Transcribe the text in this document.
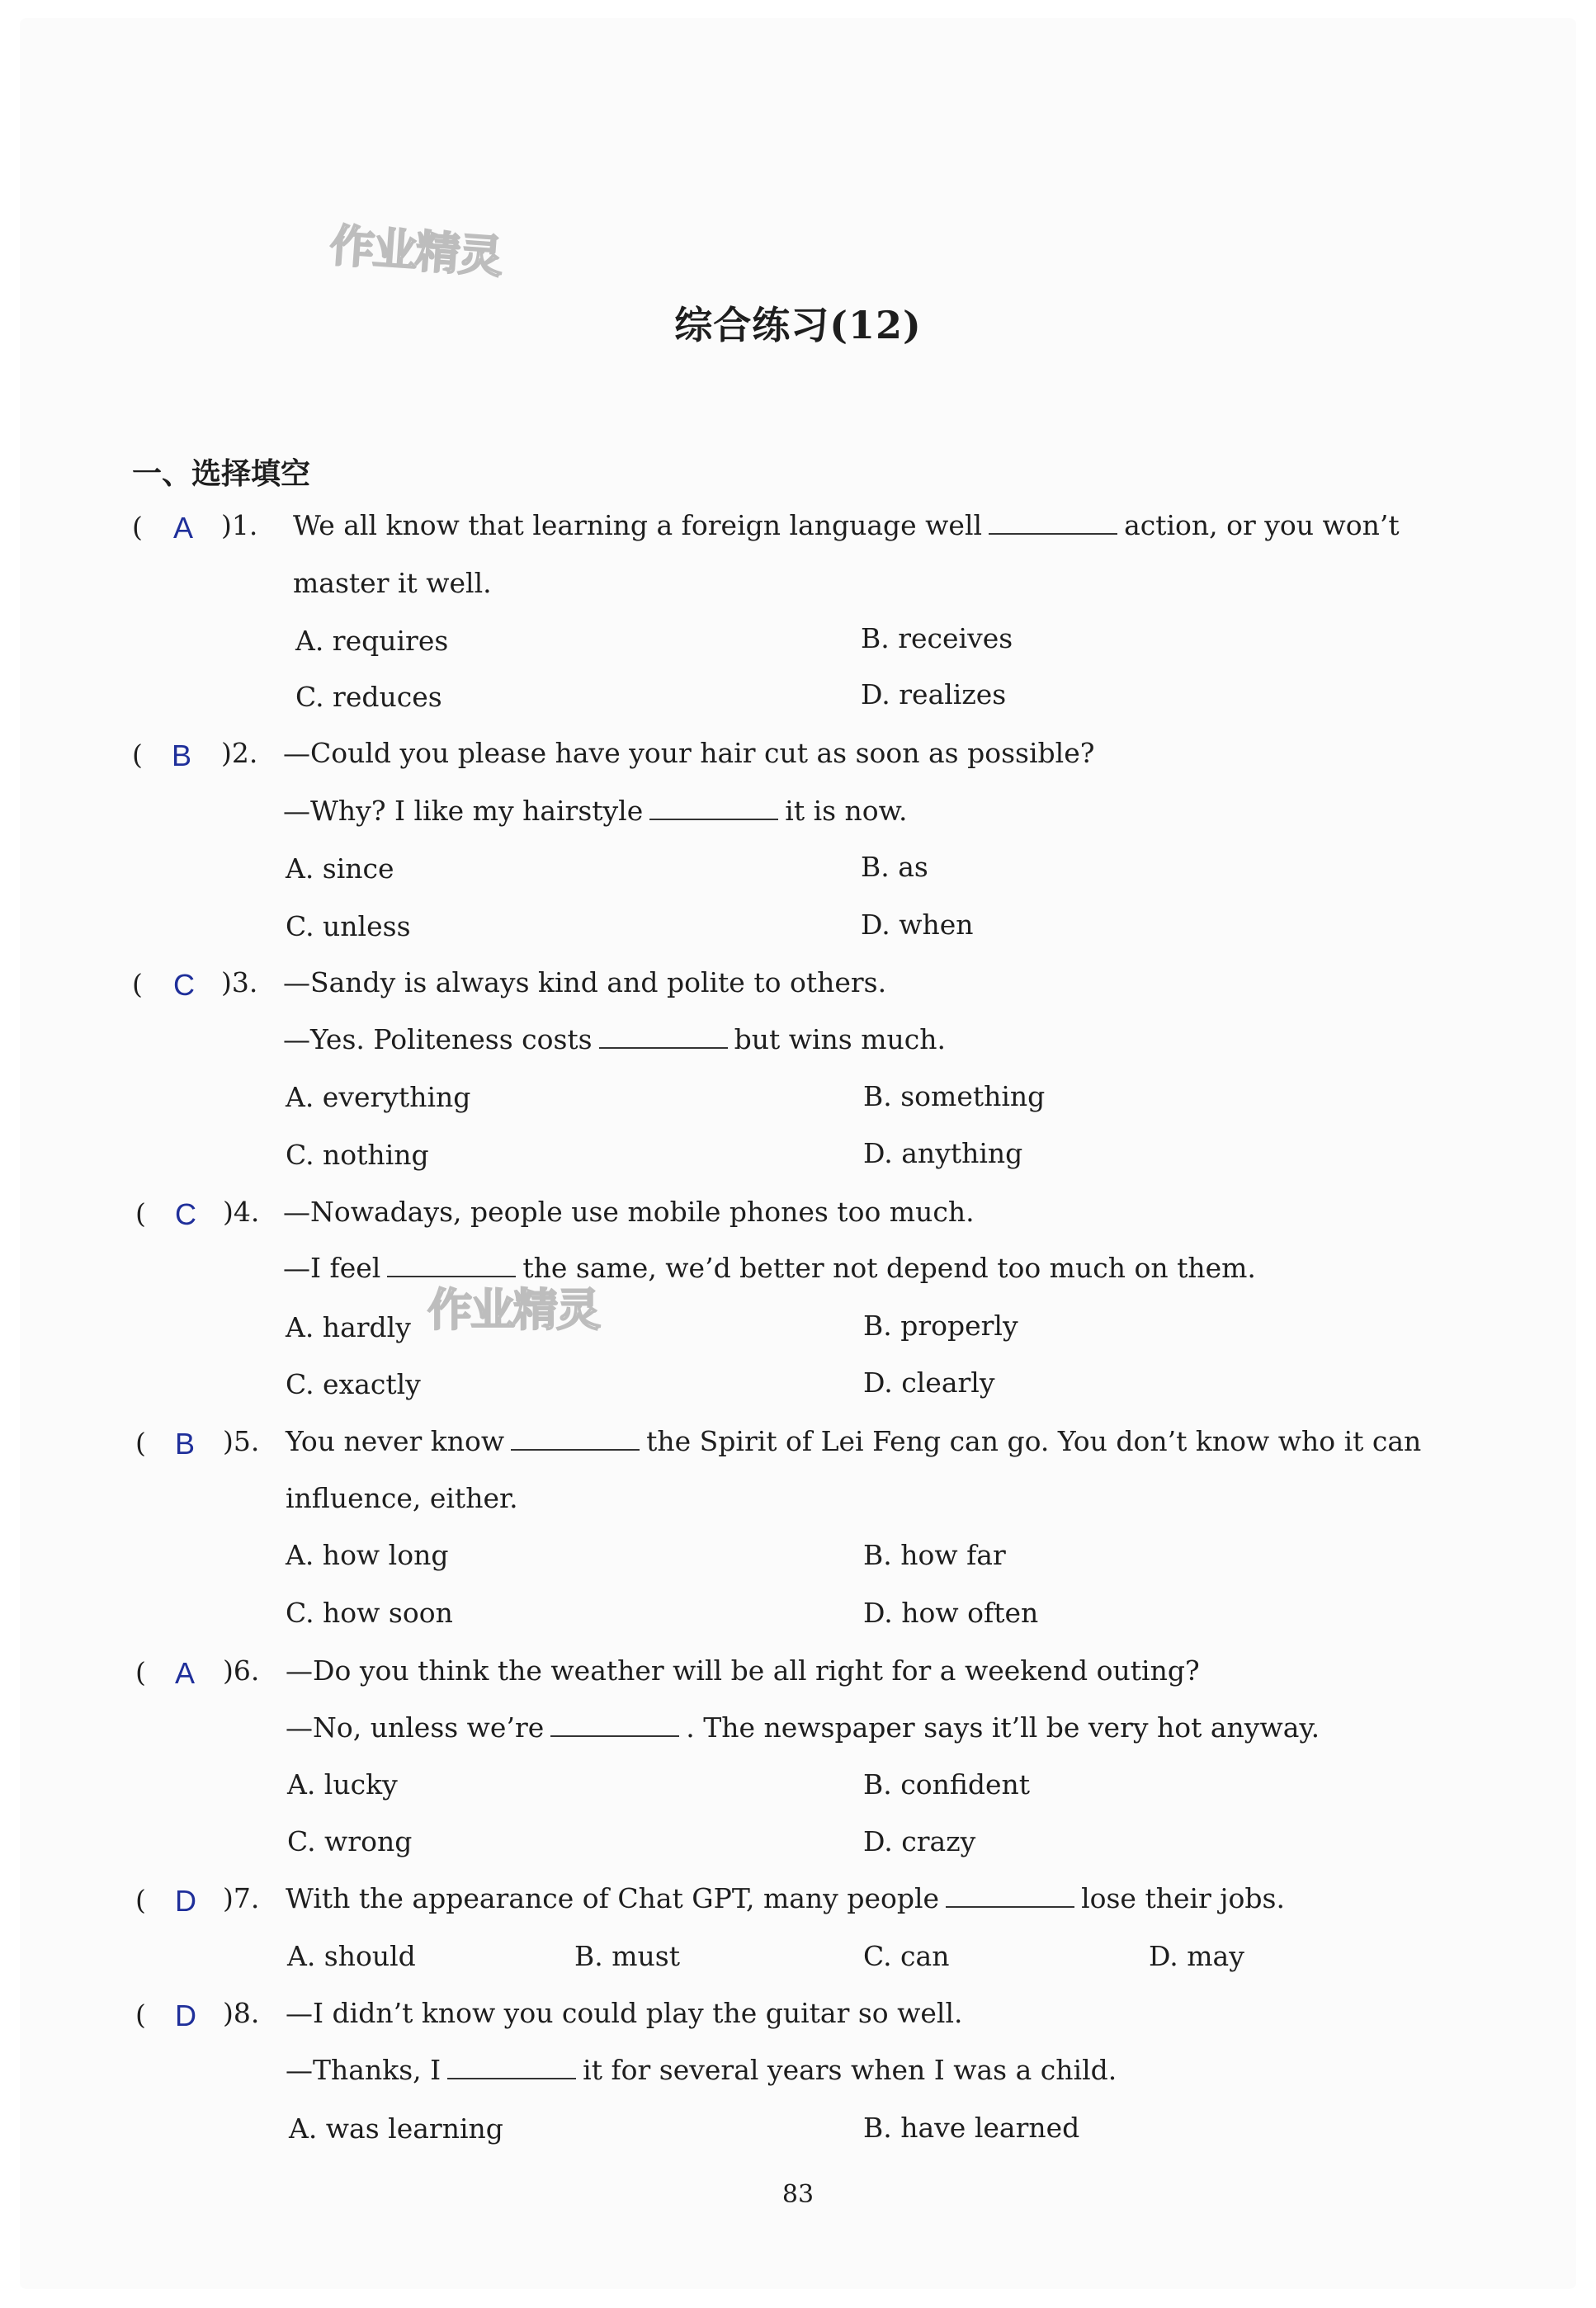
作业精灵
作业精灵
综合练习(12)
一、选择填空
( A )1. We all know that learning a foreign language well	action, or you won’t
master it well.
A. requires	B. receives
C. reduces	D. realizes
( B )2. —Could you please have your hair cut as soon as possible?
—Why? I like my hairstyle	it is now.
A. since	B. as
C. unless	D. when
( C )3. —Sandy is always kind and polite to others.
—Yes. Politeness costs	but wins much.
A. everything	B. something
C. nothing	D. anything
( C )4. —Nowadays, people use mobile phones too much.
—I feel	the same, we’d better not depend too much on them.
A. hardly	B. properly
C. exactly	D. clearly
( B )5. You never know	the Spirit of Lei Feng can go. You don’t know who it can
influence, either.
A. how long	B. how far
C. how soon	D. how often
( A )6. —Do you think the weather will be all right for a weekend outing?
—No, unless we’re	. The newspaper says it’ll be very hot anyway.
A. lucky	B. confident
C. wrong	D. crazy
( D )7. With the appearance of Chat GPT, many people	lose their jobs.
A. should	B. must	C. can	D. may
( D )8. —I didn’t know you could play the guitar so well.
—Thanks, I	it for several years when I was a child.
A. was learning	B. have learned
83
